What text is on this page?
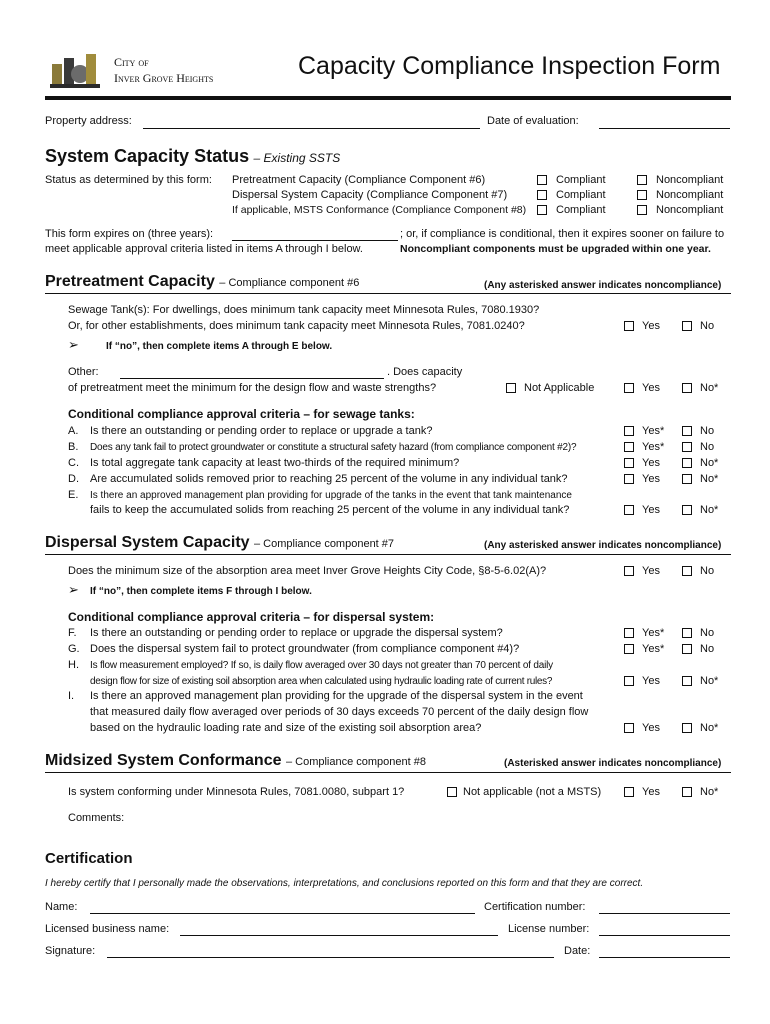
City of
Inver Grove Heights	Capacity Compliance Inspection Form
Property address:	Date of evaluation:
System Capacity Status – Existing SSTS
Status as determined by this form: Pretreatment Capacity (Compliance Component #6)	Compliant	Noncompliant
Dispersal System Capacity (Compliance Component #7)	Compliant	Noncompliant
If applicable, MSTS Conformance (Compliance Component #8)	Compliant	Noncompliant
This form expires on (three years):	; or, if compliance is conditional, then it expires sooner on failure to
meet applicable approval criteria listed in items A through I below.	Noncompliant components must be upgraded within one year.
Pretreatment Capacity – Compliance component #6	(Any asterisked answer indicates noncompliance)
Sewage Tank(s): For dwellings, does minimum tank capacity meet Minnesota Rules, 7080.1930?
Or, for other establishments, does minimum tank capacity meet Minnesota Rules, 7081.0240?	Yes	No
➢	If “no”, then complete items A through E below.
Other:	. Does capacity
of pretreatment meet the minimum for the design flow and waste strengths?	Not Applicable	Yes	No*
Conditional compliance approval criteria – for sewage tanks:
A. Is there an outstanding or pending order to replace or upgrade a tank?	Yes*	No
B. Does any tank fail to protect groundwater or constitute a structural safety hazard (from compliance component #2)?	Yes*	No
C. Is total aggregate tank capacity at least two-thirds of the required minimum?	Yes	No*
D. Are accumulated solids removed prior to reaching 25 percent of the volume in any individual tank?	Yes	No*
E. Is there an approved management plan providing for upgrade of the tanks in the event that tank maintenance
fails to keep the accumulated solids from reaching 25 percent of the volume in any individual tank?	Yes	No*
Dispersal System Capacity – Compliance component #7	(Any asterisked answer indicates noncompliance)
Does the minimum size of the absorption area meet Inver Grove Heights City Code, §8-5-6.02(A)?	Yes	No
➢ If “no”, then complete items F through I below.
Conditional compliance approval criteria – for dispersal system:
F. Is there an outstanding or pending order to replace or upgrade the dispersal system?	Yes*	No
G. Does the dispersal system fail to protect groundwater (from compliance component #4)?	Yes*	No
H. Is flow measurement employed? If so, is daily flow averaged over 30 days not greater than 70 percent of daily
design flow for size of existing soil absorption area when calculated using hydraulic loading rate of current rules?	Yes	No*
I. Is there an approved management plan providing for the upgrade of the dispersal system in the event
that measured daily flow averaged over periods of 30 days exceeds 70 percent of the daily design flow
based on the hydraulic loading rate and size of the existing soil absorption area?	Yes	No*
Midsized System Conformance – Compliance component #8	(Asterisked answer indicates noncompliance)
Is system conforming under Minnesota Rules, 7081.0080, subpart 1?	Not applicable (not a MSTS)	Yes	No*
Comments:
Certification
I hereby certify that I personally made the observations, interpretations, and conclusions reported on this form and that they are correct.
Name:	Certification number:
Licensed business name:	License number:
Signature:	Date:
